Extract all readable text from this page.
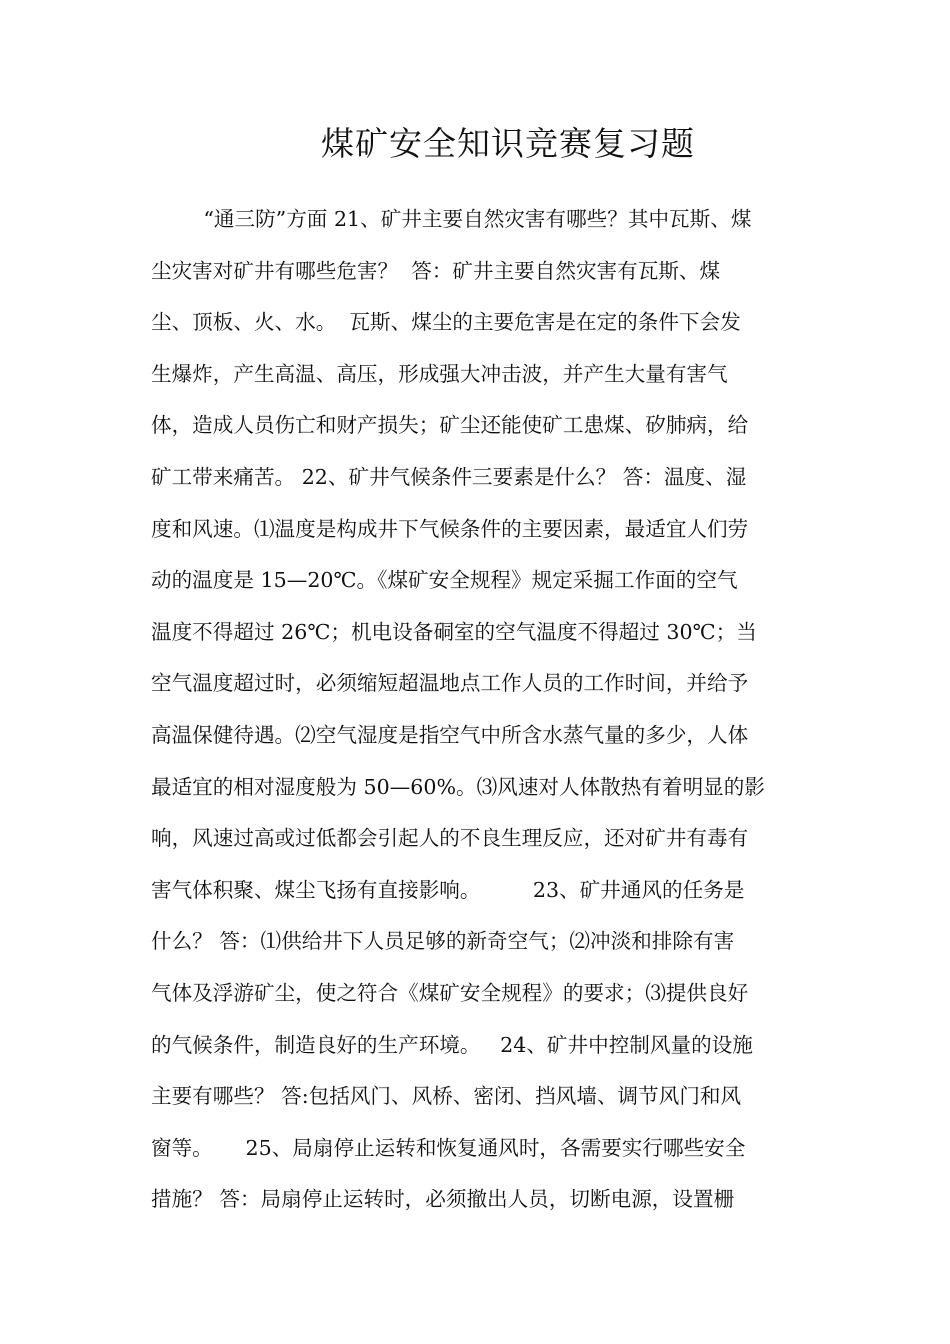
煤矿安全知识竞赛复习题
“通三防”方面 21、矿井主要自然灾害有哪些？其中瓦斯、煤
尘灾害对矿井有哪些危害？  答：矿井主要自然灾害有瓦斯、煤
尘、顶板、火、水。  瓦斯、煤尘的主要危害是在定的条件下会发
生爆炸，产生高温、高压，形成强大冲击波，并产生大量有害气
体，造成人员伤亡和财产损失；矿尘还能使矿工患煤、矽肺病，给
矿工带来痛苦。 22、矿井气候条件三要素是什么？ 答：温度、湿
度和风速。⑴温度是构成井下气候条件的主要因素，最适宜人们劳
动的温度是 15—20℃。《煤矿安全规程》规定采掘工作面的空气
温度不得超过 26℃；机电设备硐室的空气温度不得超过 30℃；当
空气温度超过时，必须缩短超温地点工作人员的工作时间，并给予
高温保健待遇。⑵空气湿度是指空气中所含水蒸气量的多少，人体
最适宜的相对湿度般为 50—60%。⑶风速对人体散热有着明显的影
响，风速过高或过低都会引起人的不良生理反应，还对矿井有毒有
害气体积聚、煤尘飞扬有直接影响。        23、矿井通风的任务是
什么？ 答：⑴供给井下人员足够的新奇空气；⑵冲淡和排除有害
气体及浮游矿尘，使之符合《煤矿安全规程》的要求；⑶提供良好
的气候条件，制造良好的生产环境。   24、矿井中控制风量的设施
主要有哪些？ 答:包括风门、风桥、密闭、挡风墙、调节风门和风
窗等。     25、局扇停止运转和恢复通风时，各需要实行哪些安全
措施？ 答：局扇停止运转时，必须撤出人员，切断电源，设置栅
